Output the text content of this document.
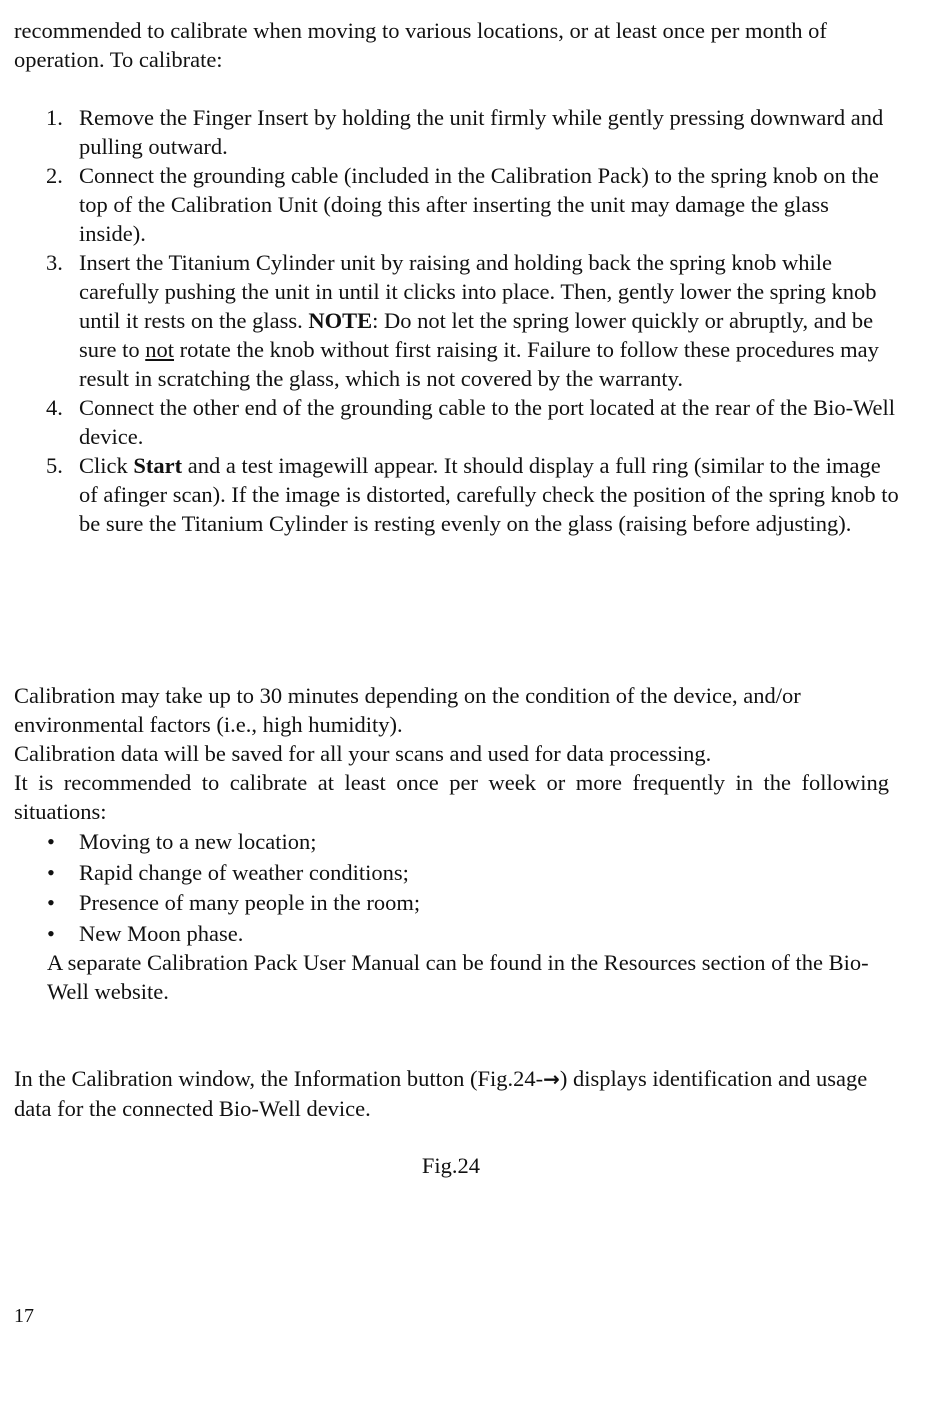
recommended to calibrate when moving to various locations, or at least once per month of operation. To calibrate:

1. Remove the Finger Insert by holding the unit firmly while gently pressing downward and pulling outward.
2. Connect the grounding cable (included in the Calibration Pack) to the spring knob on the top of the Calibration Unit (doing this after inserting the unit may damage the glass inside).
3. Insert the Titanium Cylinder unit by raising and holding back the spring knob while carefully pushing the unit in until it clicks into place. Then, gently lower the spring knob until it rests on the glass. NOTE: Do not let the spring lower quickly or abruptly, and be sure to not rotate the knob without first raising it. Failure to follow these procedures may result in scratching the glass, which is not covered by the warranty.
4. Connect the other end of the grounding cable to the port located at the rear of the Bio-Well device.
5. Click Start and a test imagewill appear. It should display a full ring (similar to the image of afinger scan). If the image is distorted, carefully check the position of the spring knob to be sure the Titanium Cylinder is resting evenly on the glass (raising before adjusting).

Calibration may take up to 30 minutes depending on the condition of the device, and/or environmental factors (i.e., high humidity).

Calibration data will be saved for all your scans and used for data processing.

It is recommended to calibrate at least once per week or more frequently in the following situations:

• Moving to a new location;
• Rapid change of weather conditions;
• Presence of many people in the room;
• New Moon phase.

A separate Calibration Pack User Manual can be found in the Resources section of the Bio-Well website.

In the Calibration window, the Information button (Fig.24-→) displays identification and usage data for the connected Bio-Well device.

Fig.24

17
